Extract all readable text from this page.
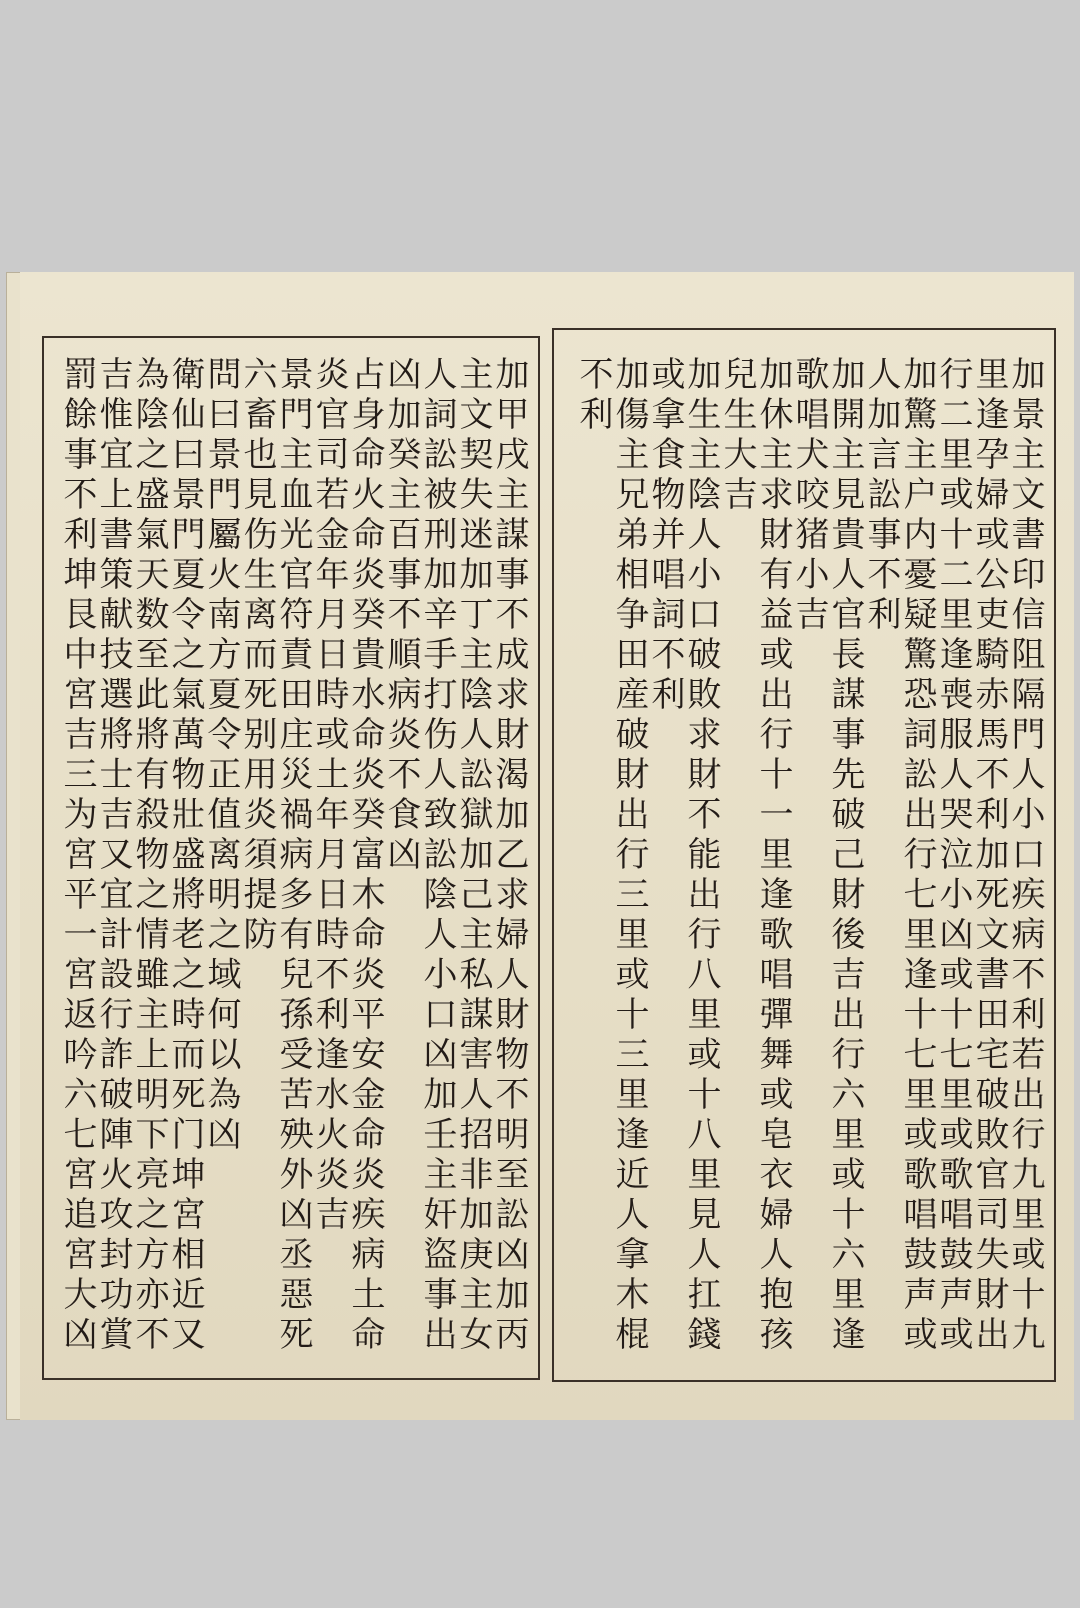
加甲戌主謀事不成求財渴加乙求婦人財物不明至訟凶加丙
主文契失迷加丁主陰人訟獄加己主私謀害人招非加庚主女
人詞訟被刑加辛手打伤人致訟陰人小口凶加壬主奸盜事出
凶加癸主百事不順病炎不食凶
占身命火命炎癸貴水命炎癸富木命炎平安金命炎疾病土命
炎官司若金年月日時或土年月日時不利逢水火炎吉
景門主血光官符責田庄災禍病多有兒孫受苦殃外凶丞惡死
六畜也見伤生离而死别用炎須提防
問曰景門屬火南方夏令正值离明之域何以為凶
衛仙曰景門夏令之氣萬物壯盛將老之時而死门坤宮相近又
為陰之盛氣天数至此將有殺物之情雖主上明下亮之方亦不
吉惟宜上書策献技選將士吉又宜計設行詐破陣火攻封功賞
罰餘事不利坤艮中宮吉三为宮平一宮返吟六七宮追宮大凶	加景主文書印信阻隔門人小口疾病不利若出行九里或十九
里逢孕婦或公吏騎赤馬不利加死文書田宅破敗官司失財出
行二里或十二里逢喪服人哭泣小凶或十七里或歌唱鼓声或
加驚主户内憂疑驚恐詞訟出行七里逢十七里或歌唱鼓声或
人加言訟事不利
加開主見貴人官長謀事先破己財後吉出行六里或十六里逢
歌唱犬咬猪小吉
加休主求財有益或出行十一里逢歌唱彈舞或皂衣婦人抱孩
兒生大吉
加生主陰人小口破敗求財不能出行八里或十八里見人扛錢
或拿食物并唱詞不利
加傷主兄弟相争田産破財出行三里或十三里逢近人拿木棍
不利
